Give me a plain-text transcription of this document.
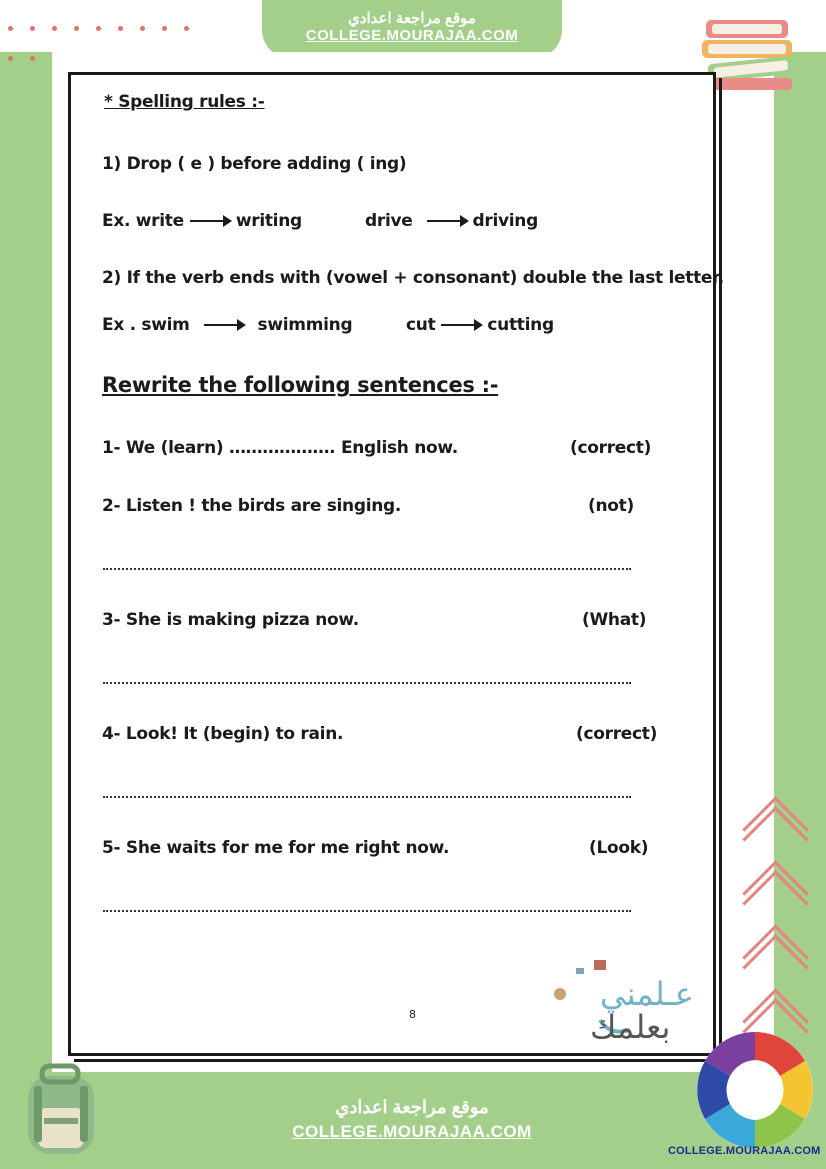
موقع مراجعة اعدادي
COLLEGE.MOURAJAA.COM
* Spelling rules :-
1) Drop ( e ) before adding ( ing)
Ex. write	writing	drive	driving
2) If the verb ends with (vowel + consonant) double the last letter.
Ex . swim	swimming	cut	cutting
Rewrite the following sentences :-
1- We (learn) ………………. English now.	(correct)
2- Listen ! the birds are singing.	(not)
3- She is making pizza now.	(What)
4- Look! It (begin) to rain.	(correct)
5- She waits for me for me right now.	(Look)
عـلمني
بعلمك
8
موقع مراجعة اعدادي
COLLEGE.MOURAJAA.COM
COLLEGE.MOURAJAA.COM
